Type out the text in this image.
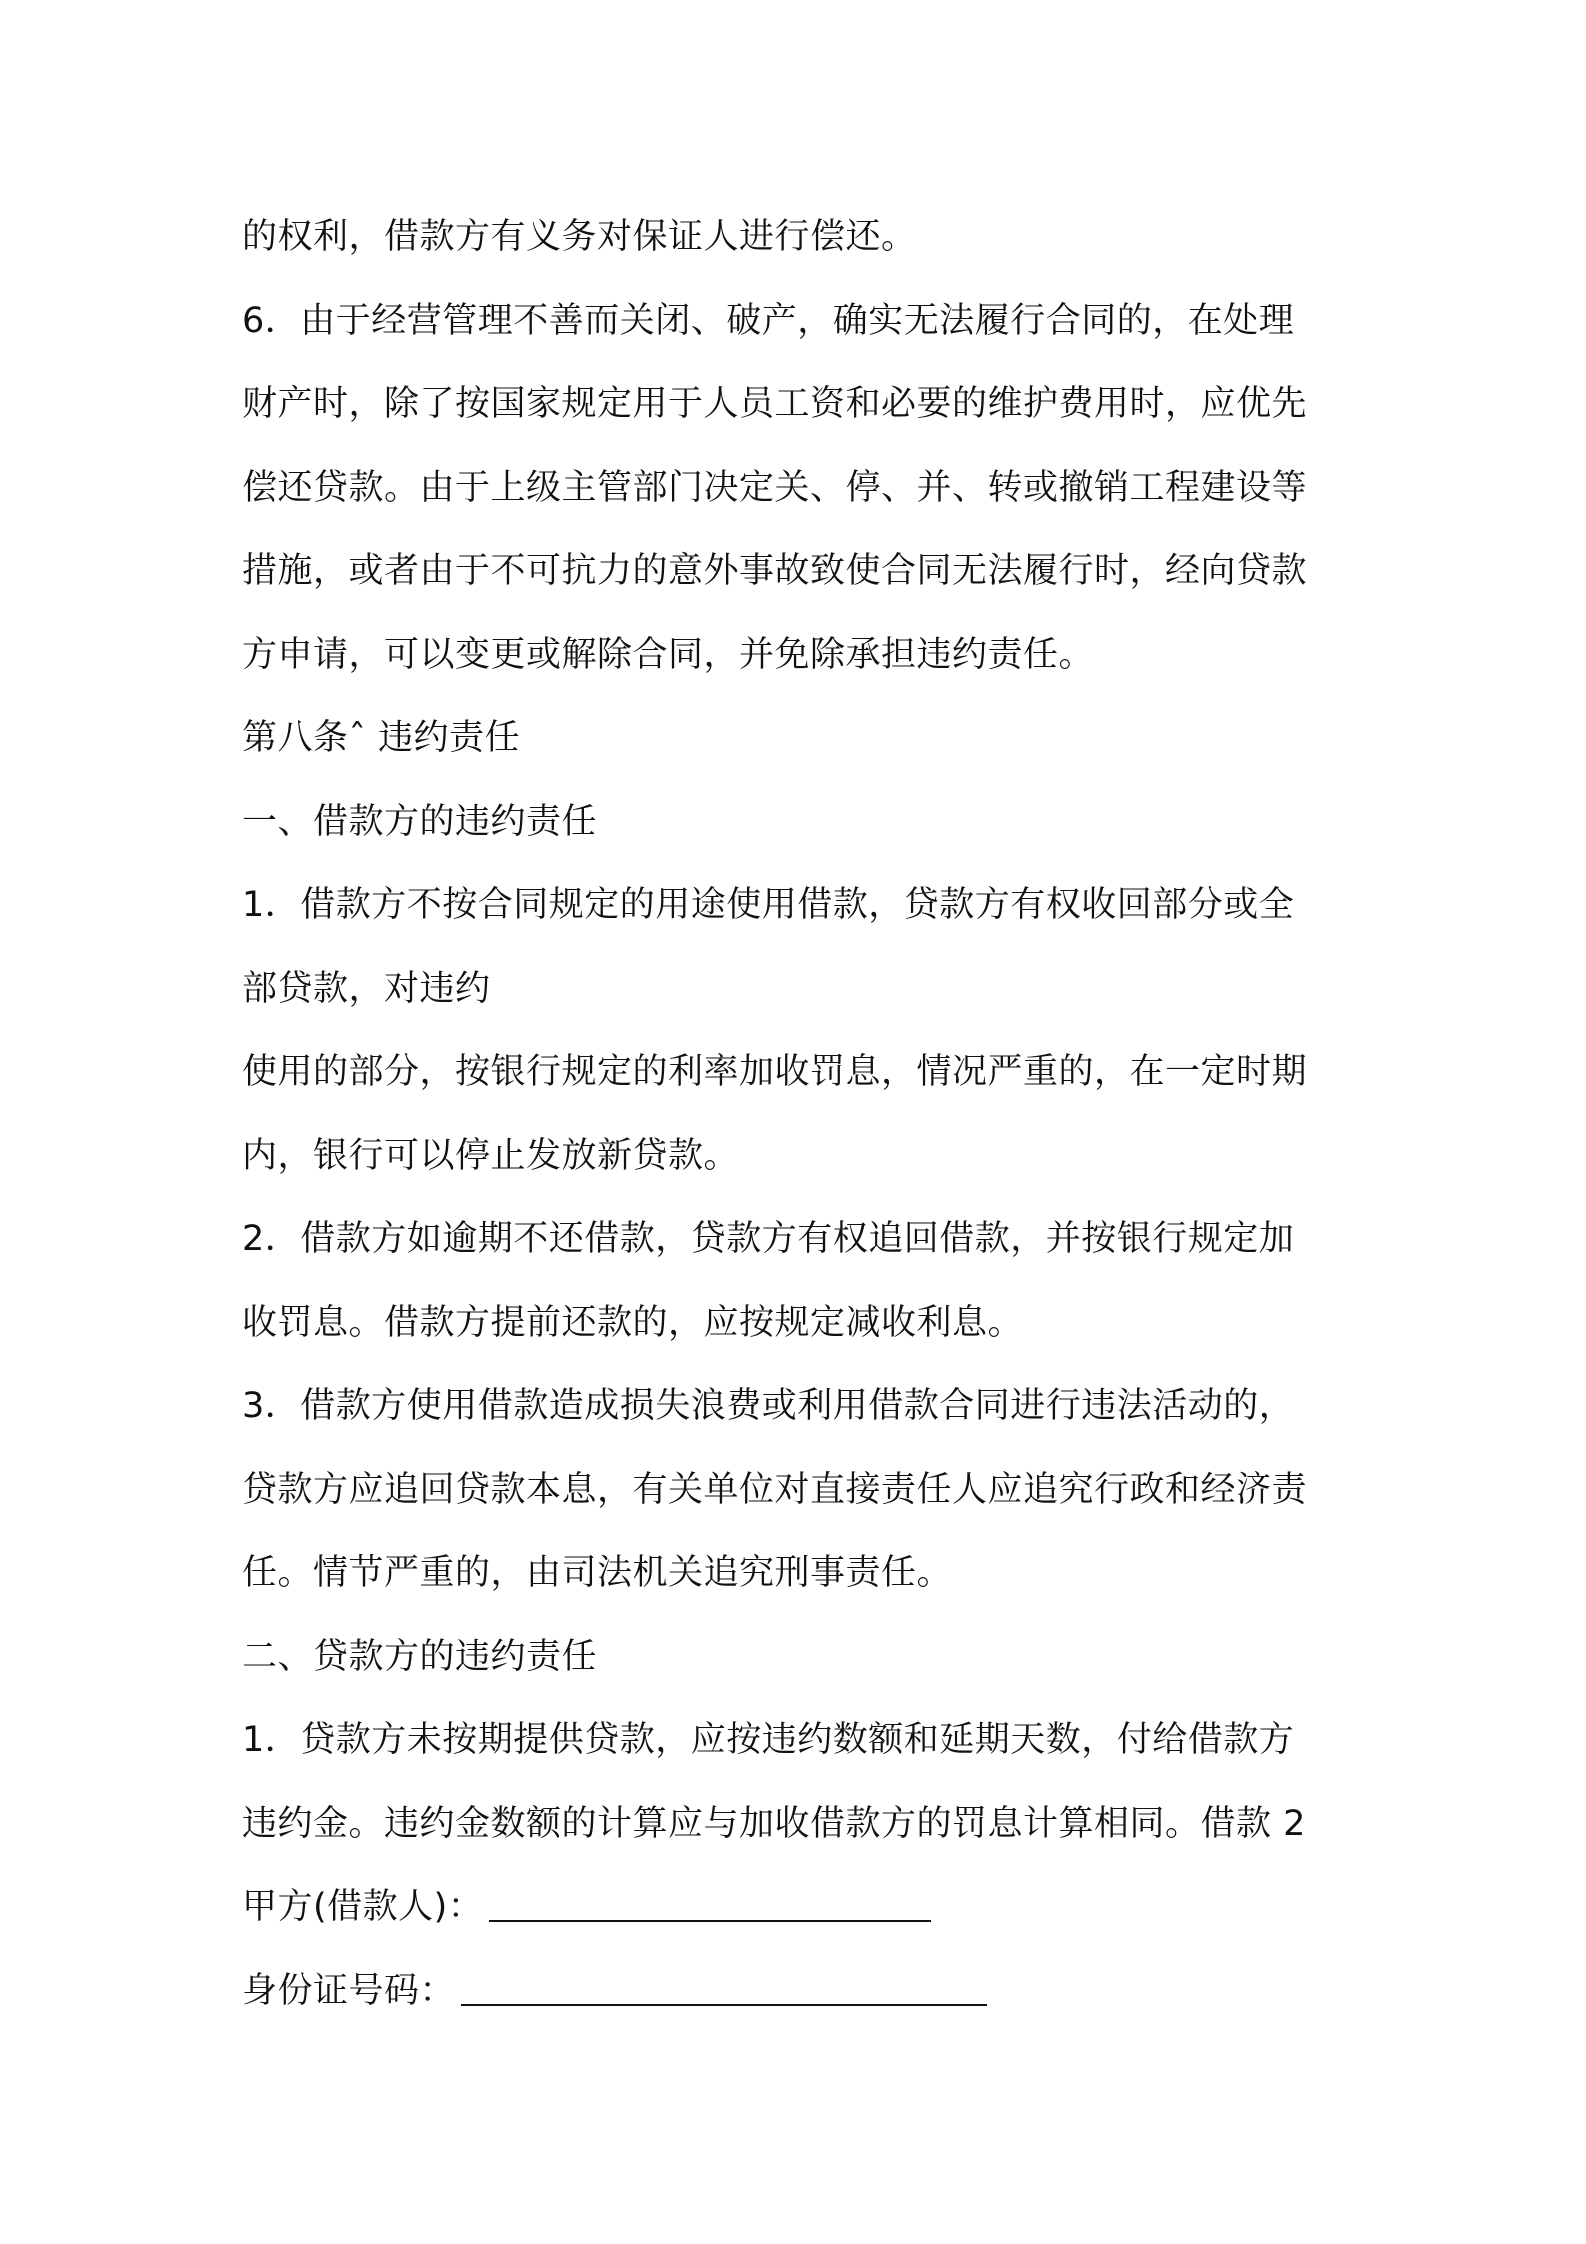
的权利，借款方有义务对保证人进行偿还。
6．由于经营管理不善而关闭、破产，确实无法履行合同的，在处理
财产时，除了按国家规定用于人员工资和必要的维护费用时，应优先
偿还贷款。由于上级主管部门决定关、停、并、转或撤销工程建设等
措施，或者由于不可抗力的意外事故致使合同无法履行时，经向贷款
方申请，可以变更或解除合同，并免除承担违约责任。
第八条ˆ 违约责任
一、借款方的违约责任
1．借款方不按合同规定的用途使用借款，贷款方有权收回部分或全
部贷款，对违约
使用的部分，按银行规定的利率加收罚息，情况严重的，在一定时期
内，银行可以停止发放新贷款。
2．借款方如逾期不还借款，贷款方有权追回借款，并按银行规定加
收罚息。借款方提前还款的，应按规定减收利息。
3．借款方使用借款造成损失浪费或利用借款合同进行违法活动的，
贷款方应追回贷款本息，有关单位对直接责任人应追究行政和经济责
任。情节严重的，由司法机关追究刑事责任。
二、贷款方的违约责任
1．贷款方未按期提供贷款，应按违约数额和延期天数，付给借款方
违约金。违约金数额的计算应与加收借款方的罚息计算相同。借款 2
甲方(借款人)：
身份证号码：
